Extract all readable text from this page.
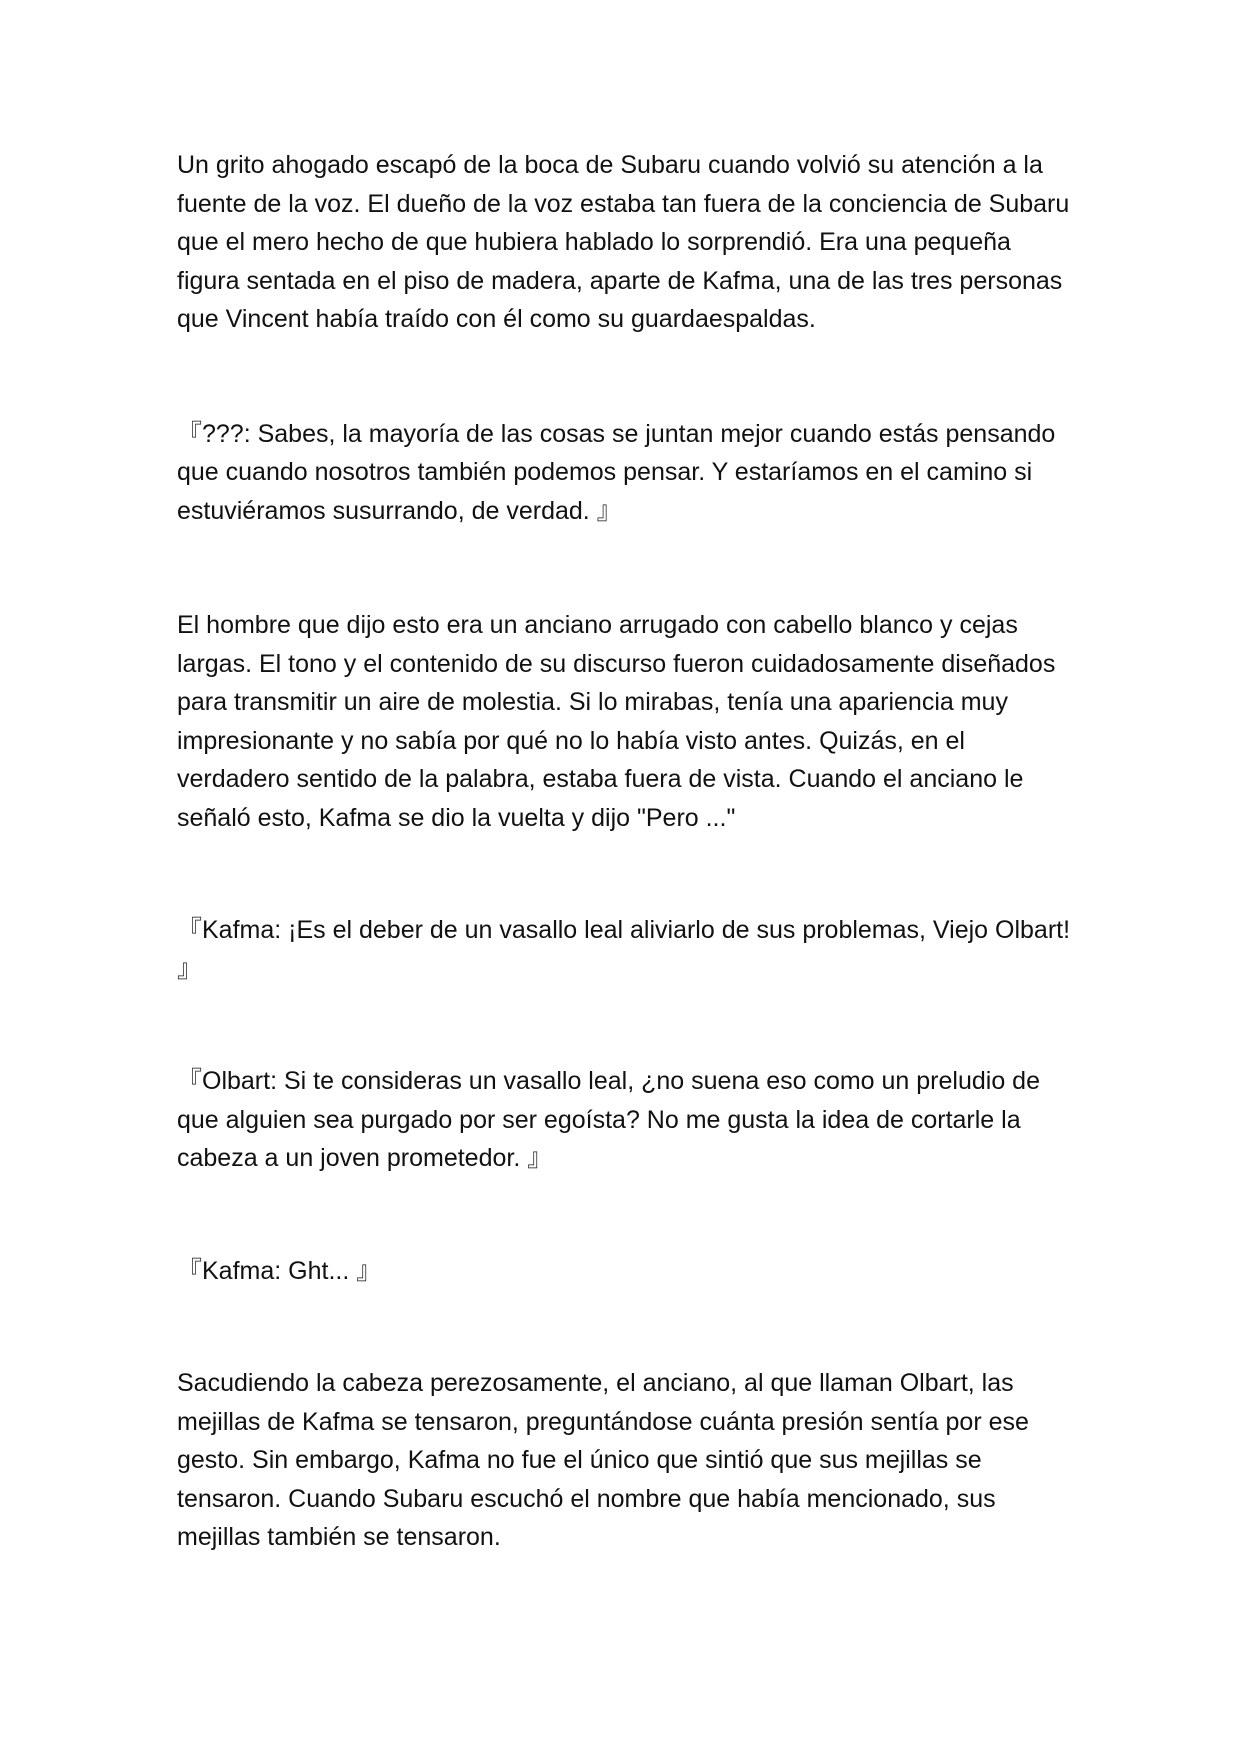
Un grito ahogado escapó de la boca de Subaru cuando volvió su atención a la fuente de la voz. El dueño de la voz estaba tan fuera de la conciencia de Subaru que el mero hecho de que hubiera hablado lo sorprendió. Era una pequeña figura sentada en el piso de madera, aparte de Kafma, una de las tres personas que Vincent había traído con él como su guardaespaldas.

『???: Sabes, la mayoría de las cosas se juntan mejor cuando estás pensando que cuando nosotros también podemos pensar. Y estaríamos en el camino si estuviéramos susurrando, de verdad. 』

El hombre que dijo esto era un anciano arrugado con cabello blanco y cejas largas. El tono y el contenido de su discurso fueron cuidadosamente diseñados para transmitir un aire de molestia. Si lo mirabas, tenía una apariencia muy impresionante y no sabía por qué no lo había visto antes. Quizás, en el verdadero sentido de la palabra, estaba fuera de vista. Cuando el anciano le señaló esto, Kafma se dio la vuelta y dijo "Pero ..."

『Kafma: ¡Es el deber de un vasallo leal aliviarlo de sus problemas, Viejo Olbart! 』

『Olbart: Si te consideras un vasallo leal, ¿no suena eso como un preludio de que alguien sea purgado por ser egoísta? No me gusta la idea de cortarle la cabeza a un joven prometedor. 』

『Kafma: Ght... 』

Sacudiendo la cabeza perezosamente, el anciano, al que llaman Olbart, las mejillas de Kafma se tensaron, preguntándose cuánta presión sentía por ese gesto. Sin embargo, Kafma no fue el único que sintió que sus mejillas se tensaron. Cuando Subaru escuchó el nombre que había mencionado, sus mejillas también se tensaron.
